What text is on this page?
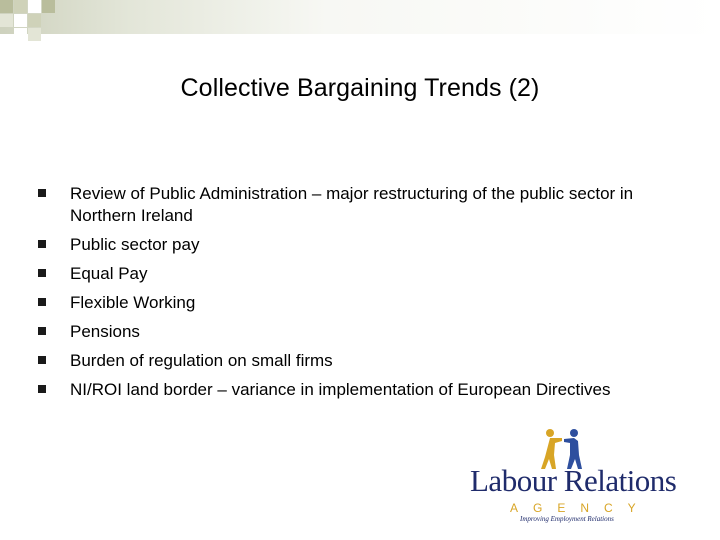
Collective Bargaining Trends (2)
Review of Public Administration – major restructuring of the public sector in Northern Ireland
Public sector pay
Equal Pay
Flexible Working
Pensions
Burden of regulation on small firms
NI/ROI land border – variance in implementation of European Directives
Labour Relations
AGENCY
Improving Employment Relations
